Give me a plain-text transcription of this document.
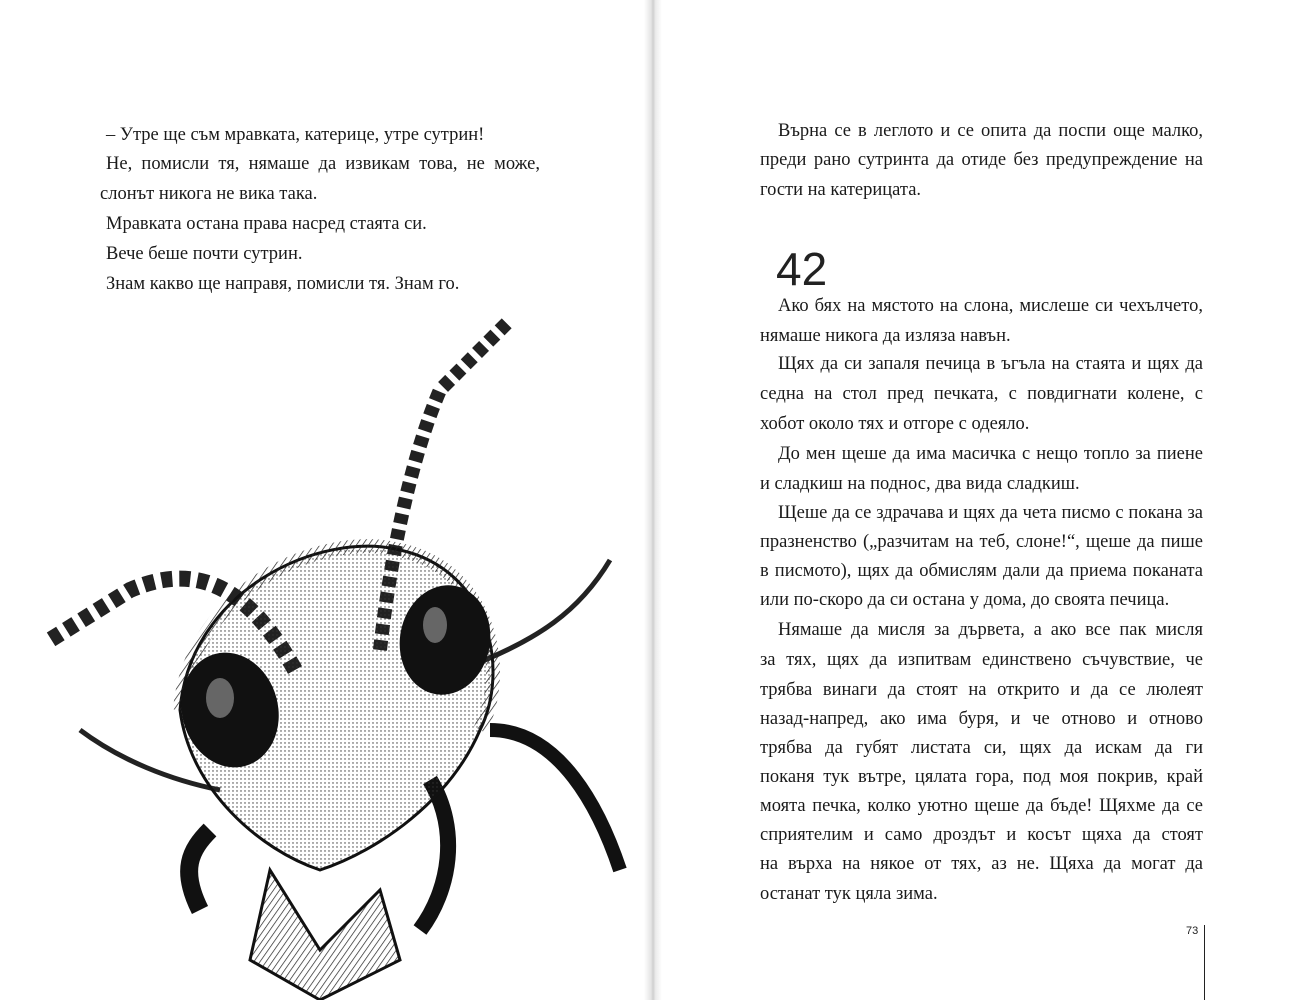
– Утре ще съм мравката, катерице, утре сутрин!
Не, помисли тя, нямаше да извикам това, не може,
слонът никога не вика така.
Мравката остана права насред стаята си.
Вече беше почти сутрин.
Знам какво ще направя, помисли тя. Знам го.
Върна се в леглото и се опита да поспи още малко,
преди рано сутринта да отиде без предупреждение на
гости на катерицата.
42
Ако бях на мястото на слона, мислеше си чехълчето,
нямаше никога да изляза навън.
Щях да си запаля печица в ъгъла на стаята и щях да
седна на стол пред печката, с повдигнати колене, с
хобот около тях и отгоре с одеяло.
До мен щеше да има масичка с нещо топло за пиене
и сладкиш на поднос, два вида сладкиш.
Щеше да се здрачава и щях да чета писмо с покана за
празненство („разчитам на теб, слоне!“, щеше да пише
в писмото), щях да обмислям дали да приема поканата
или по-скоро да си остана у дома, до своята печица.
Нямаше да мисля за дървета, а ако все пак мисля
за тях, щях да изпитвам единствено съчувствие, че
трябва винаги да стоят на открито и да се люлеят
назад-напред, ако има буря, и че отново и отново
трябва да губят листата си, щях да искам да ги
поканя тук вътре, цялата гора, под моя покрив, край
моята печка, колко уютно щеше да бъде! Щяхме да се
сприятелим и само дроздът и косът щяха да стоят
на върха на някое от тях, аз не. Щяха да могат да
останат тук цяла зима.
73
